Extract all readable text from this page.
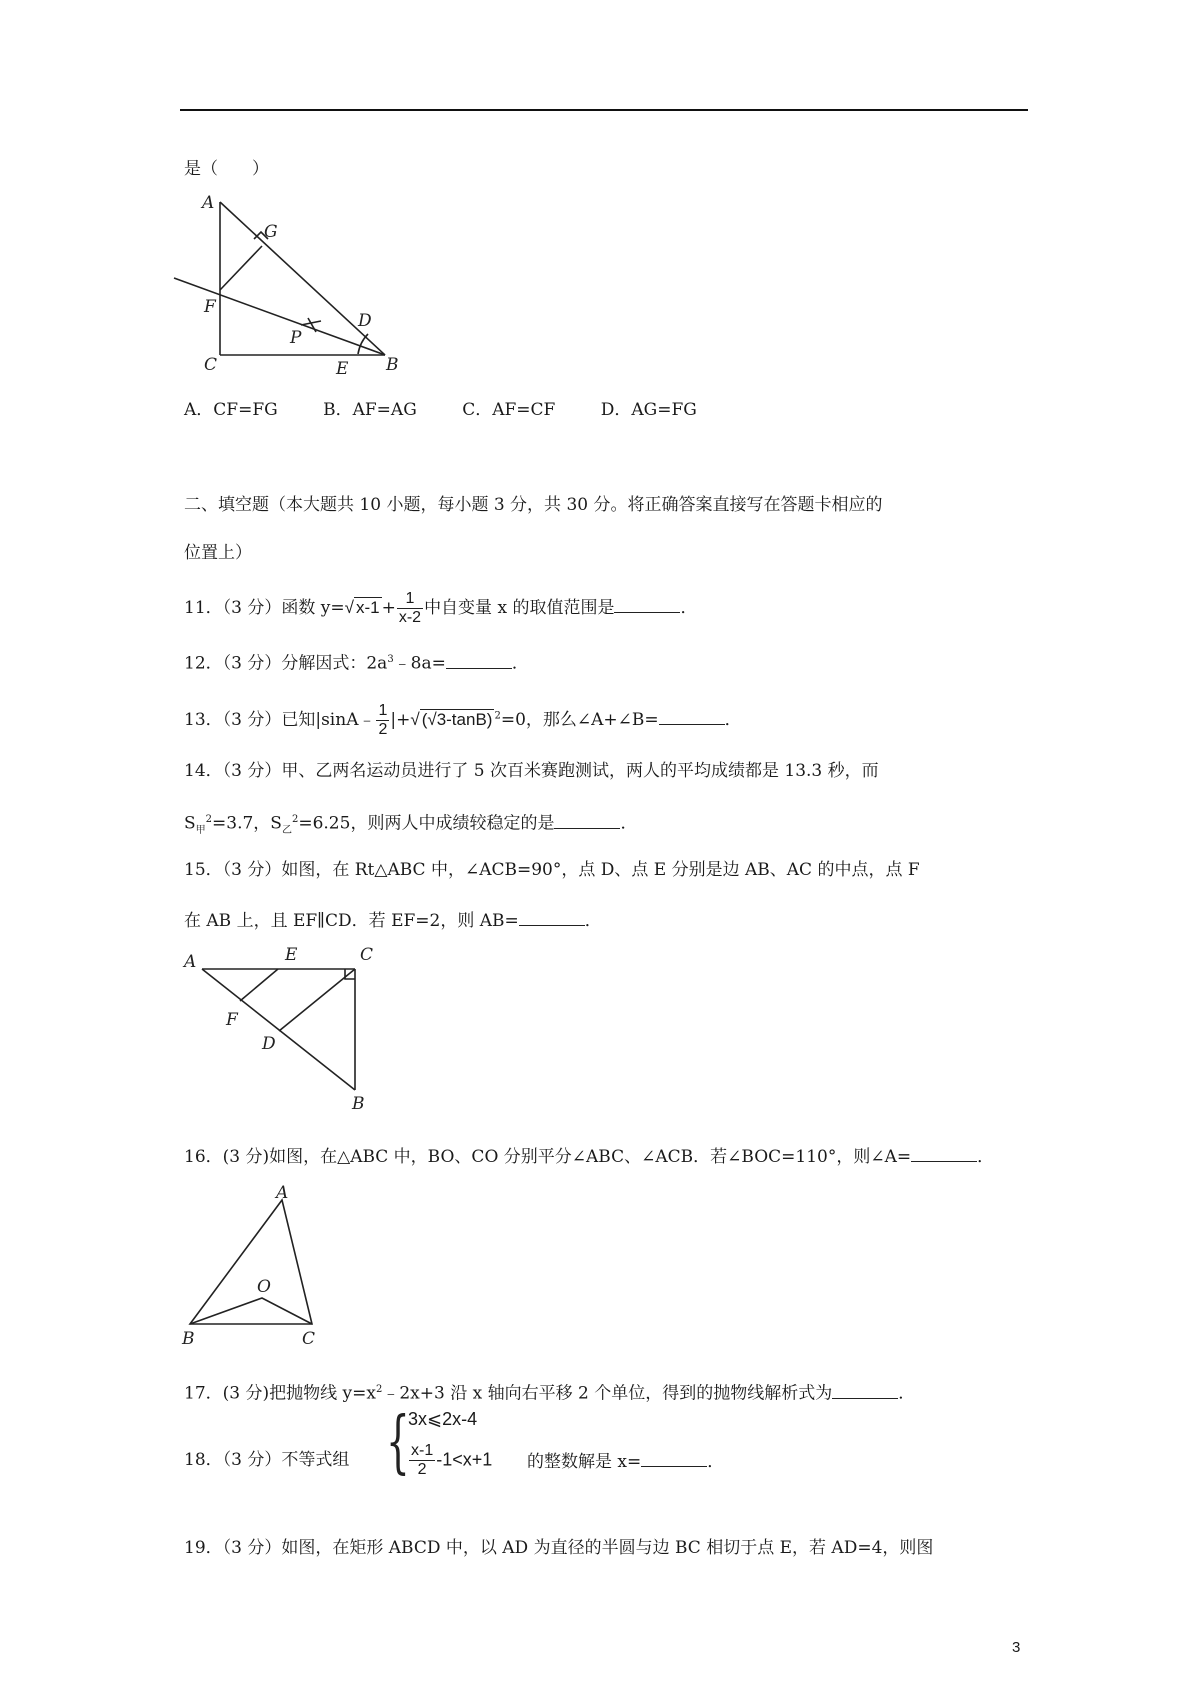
是（　　）
A
G
F
P
D
C	E B
A．CF=FG	B．AF=AG	C．AF=CF	D．AG=FG
二、填空题（本大题共 10 小题，每小题 3 分，共 30 分。将正确答案直接写在答题卡相应的
位置上）
11．（3 分）函数 y=√ $x-1 + \frac{1}{x-2}$ 中自变量 x 的取值范围是	．
12．（3 分）分解因式：$2a^3﹣8a=$	．
13．（3 分）已知|sinA﹣ $\frac{1}{2}$ |+√ (√3-tanB) $^2$=0，那么∠A+∠B=	．
14．（3 分）甲、乙两名运动员进行了 5 次百米赛跑测试，两人的平均成绩都是 13.3 秒，而
$S_甲^2=3.7$，$S_乙^2=6.25$，则两人中成绩较稳定的是	．
15．（3 分）如图，在 Rt△ABC 中，∠ACB=90°，点 D、点 E 分别是边 AB、AC 的中点，点 F
在 AB 上，且 EF∥CD．若 EF=2，则 AB=	．
A	E	C
F
D
B
16．(3 分)如图，在△ABC 中，BO、CO 分别平分∠ABC、∠ACB．若∠BOC=110°，则∠A=	．
A
O
B	C
17．(3 分)把抛物线 $y=x^2﹣2x+3$ 沿 x 轴向右平移 2 个单位，得到的抛物线解析式为	．
18．（3 分）不等式组 {
3x⩽2x-4
$\frac{x-1}{2} -1<x+1$ 的整数解是 x=	．
19．（3 分）如图，在矩形 ABCD 中，以 AD 为直径的半圆与边 BC 相切于点 E，若 AD=4，则图
3
